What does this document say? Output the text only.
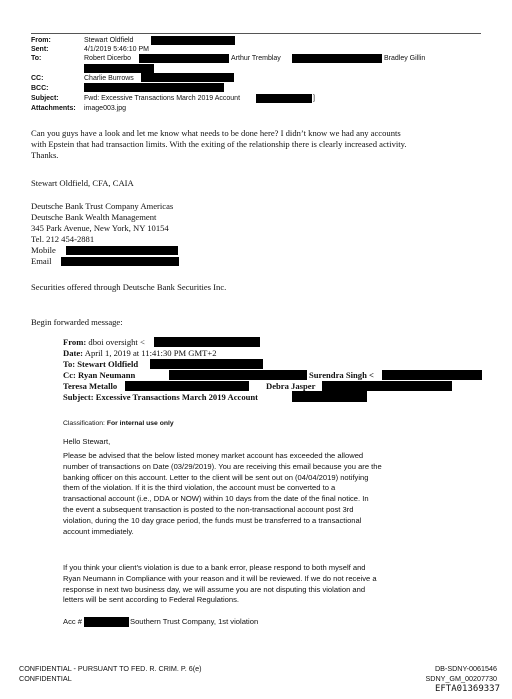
From:	Stewart Oldfield
Sent:	4/1/2019 5:46:10 PM
To:	Robert Dicerbo	Arthur Tremblay	Bradley Gillin
CC:	Charlie Burrows
BCC:
Subject:	Fwd: Excessive Transactions March 2019 Account	]
Attachments: image003.jpg
Can you guys have a look and let me know what needs to be done here? I didn’t know we had any accounts
with Epstein that had transaction limits. With the exiting of the relationship there is clearly increased activity.
Thanks.
Stewart Oldfield, CFA, CAIA
Deutsche Bank Trust Company Americas
Deutsche Bank Wealth Management
345 Park Avenue, New York, NY 10154
Tel. 212 454-2881
Mobile
Email
Securities offered through Deutsche Bank Securities Inc.
Begin forwarded message:
From: dboi oversight <
Date: April 1, 2019 at 11:41:30 PM GMT+2
To: Stewart Oldfield
Cc: Ryan Neumann	Surendra Singh <
Teresa Metallo	Debra Jasper
Subject: Excessive Transactions March 2019 Account
Classification: For internal use only
Hello Stewart,
Please be advised that the below listed money market account has exceeded the allowed
number of transactions on Date (03/29/2019). You are receiving this email because you are the
banking officer on this account. Letter to the client will be sent out on (04/04/2019) notifying
them of the violation. If it is the third violation, the account must be converted to a
transactional account (i.e., DDA or NOW) within 10 days from the date of the final notice. In
the event a subsequent transaction is posted to the non-transactional account post 3rd
violation, during the 10 day grace period, the funds must be transferred to a transactional
account immediately.
If you think your client’s violation is due to a bank error, please respond to both myself and
Ryan Neumann in Compliance with your reason and it will be reviewed. If we do not receive a
response in next two business day, we will assume you are not disputing this violation and
letters will be sent according to Federal Regulations.
Acc #	Southern Trust Company, 1st violation
CONFIDENTIAL - PURSUANT TO FED. R. CRIM. P. 6(e)
CONFIDENTIAL
DB-SDNY-0061546
SDNY_GM_00207730
EFTA01369337
